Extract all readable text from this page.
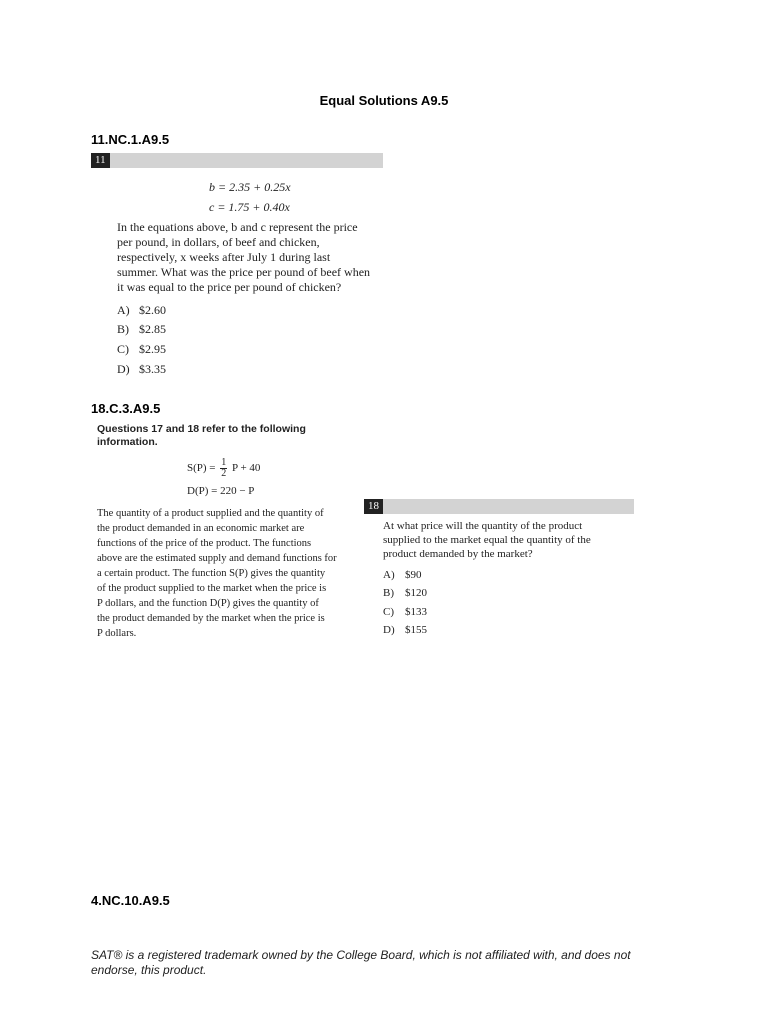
Equal Solutions A9.5
11.NC.1.A9.5
11
b = 2.35 + 0.25x
c = 1.75 + 0.40x
In the equations above, b and c represent the price
per pound, in dollars, of beef and chicken,
respectively, x weeks after July 1 during last
summer. What was the price per pound of beef when
it was equal to the price per pound of chicken?
A) $2.60
B) $2.85
C) $2.95
D) $3.35
18.C.3.A9.5
Questions 17 and 18 refer to the following information.
$S(P) = \frac{1}{2}$ P + 40
D(P) = 220 − P
The quantity of a product supplied and the quantity of
the product demanded in an economic market are
functions of the price of the product. The functions
above are the estimated supply and demand functions for
a certain product. The function S(P) gives the quantity
of the product supplied to the market when the price is
P dollars, and the function D(P) gives the quantity of
the product demanded by the market when the price is
P dollars.
18
At what price will the quantity of the product
supplied to the market equal the quantity of the
product demanded by the market?
A) $90
B) $120
C) $133
D) $155
4.NC.10.A9.5
SAT® is a registered trademark owned by the College Board, which is not affiliated with, and does not endorse, this product.
